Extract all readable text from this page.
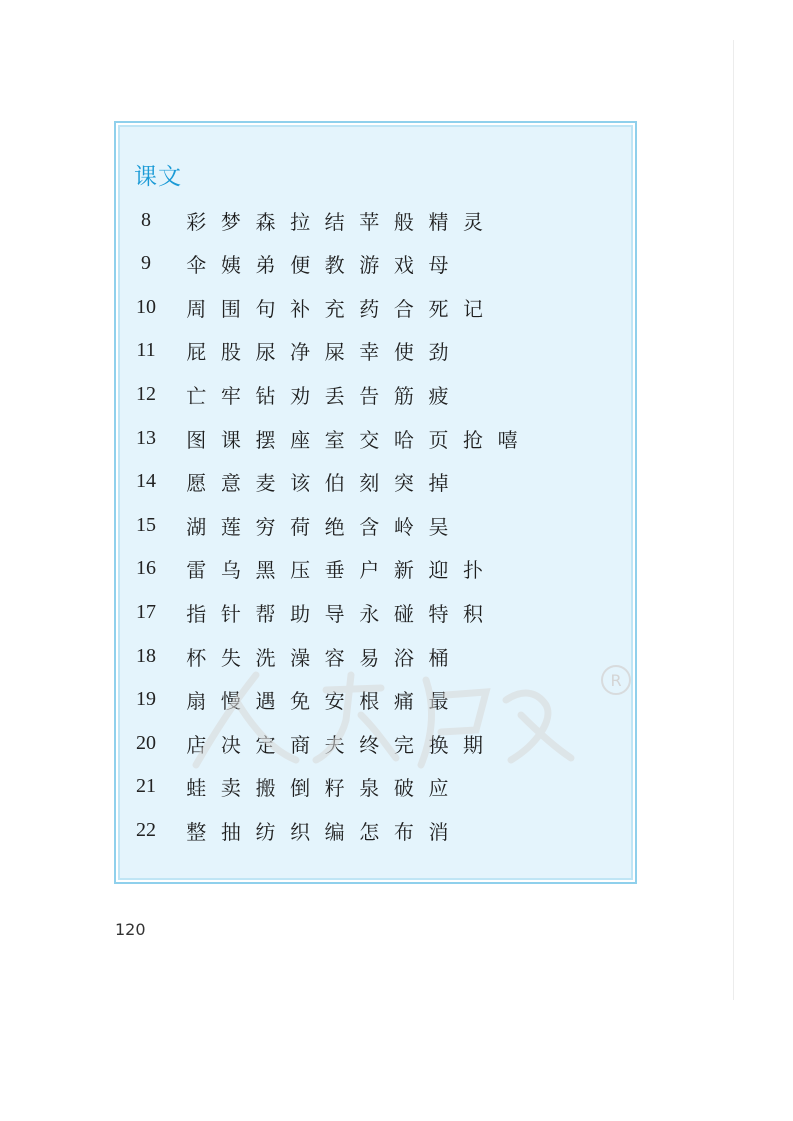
课文
8	彩 梦 森 拉 结 苹 般 精 灵
9	伞 姨 弟 便 教 游 戏 母
10	周 围 句 补 充 药 合 死 记
11	屁 股 尿 净 屎 幸 使 劲
12	亡 牢 钻 劝 丢 告 筋 疲
13	图 课 摆 座 室 交 哈 页 抢 嘻
14	愿 意 麦 该 伯 刻 突 掉
15	湖 莲 穷 荷 绝 含 岭 吴
16	雷 乌 黑 压 垂 户 新 迎 扑
17	指 针 帮 助 导 永 碰 特 积
18	杯 失 洗 澡 容 易 浴 桶
19	扇 慢 遇 免 安 根 痛 最
20	店 决 定 商 夫 终 完 换 期
21	蛙 卖 搬 倒 籽 泉 破 应
22	整 抽 纺 织 编 怎 布 消
R
120
